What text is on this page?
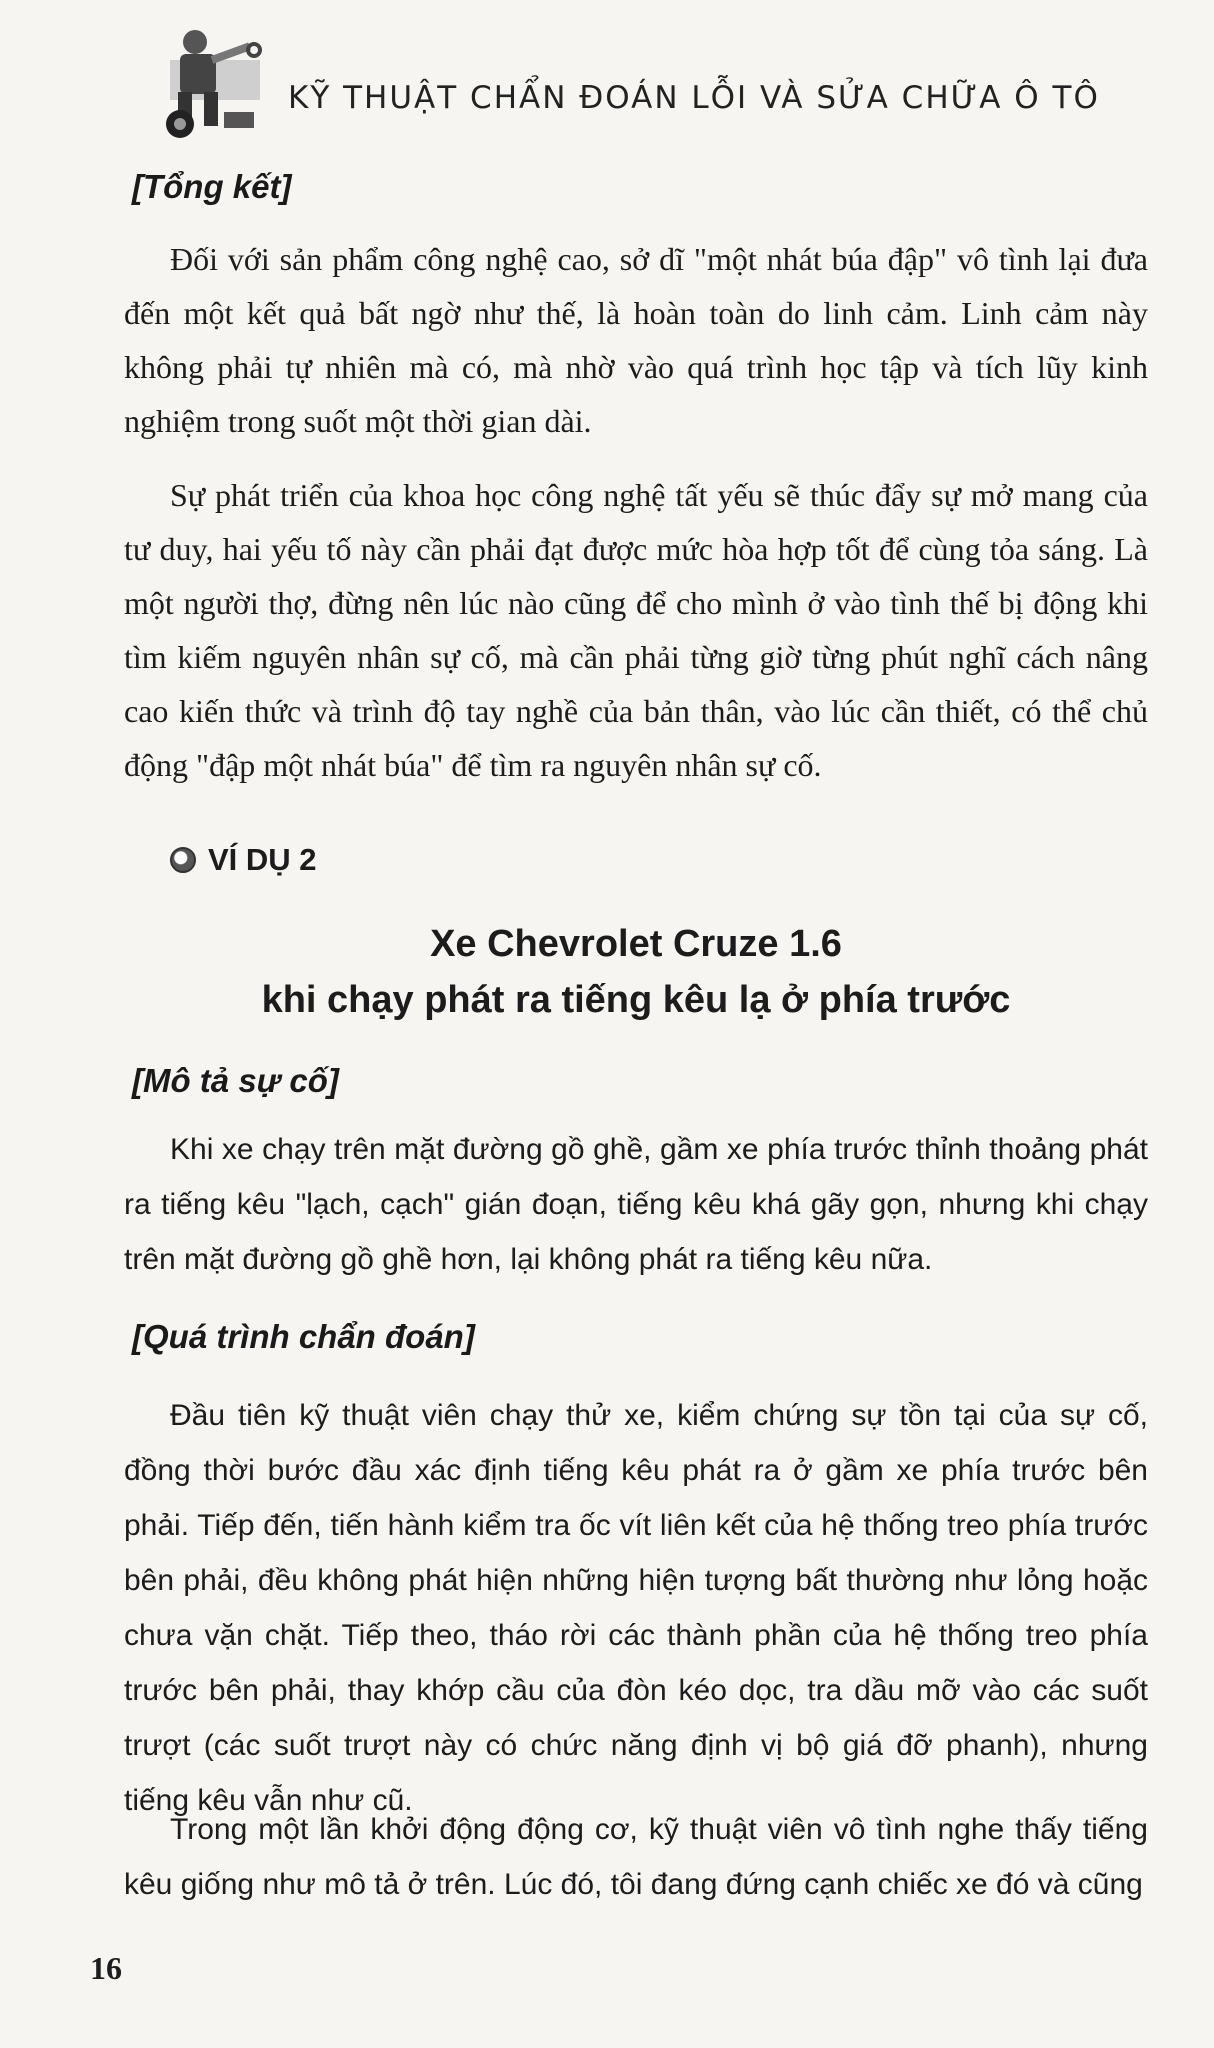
KỸ THUẬT CHẨN ĐOÁN LỖI VÀ SỬA CHỮA Ô TÔ
[Tổng kết]

Đối với sản phẩm công nghệ cao, sở dĩ "một nhát búa đập" vô tình lại đưa đến một kết quả bất ngờ như thế, là hoàn toàn do linh cảm. Linh cảm này không phải tự nhiên mà có, mà nhờ vào quá trình học tập và tích lũy kinh nghiệm trong suốt một thời gian dài.

Sự phát triển của khoa học công nghệ tất yếu sẽ thúc đẩy sự mở mang của tư duy, hai yếu tố này cần phải đạt được mức hòa hợp tốt để cùng tỏa sáng. Là một người thợ, đừng nên lúc nào cũng để cho mình ở vào tình thế bị động khi tìm kiếm nguyên nhân sự cố, mà cần phải từng giờ từng phút nghĩ cách nâng cao kiến thức và trình độ tay nghề của bản thân, vào lúc cần thiết, có thể chủ động "đập một nhát búa" để tìm ra nguyên nhân sự cố.

VÍ DỤ 2
Xe Chevrolet Cruze 1.6
khi chạy phát ra tiếng kêu lạ ở phía trước
[Mô tả sự cố]

Khi xe chạy trên mặt đường gồ ghề, gầm xe phía trước thỉnh thoảng phát ra tiếng kêu "lạch, cạch" gián đoạn, tiếng kêu khá gãy gọn, nhưng khi chạy trên mặt đường gồ ghề hơn, lại không phát ra tiếng kêu nữa.

[Quá trình chẩn đoán]

Đầu tiên kỹ thuật viên chạy thử xe, kiểm chứng sự tồn tại của sự cố, đồng thời bước đầu xác định tiếng kêu phát ra ở gầm xe phía trước bên phải. Tiếp đến, tiến hành kiểm tra ốc vít liên kết của hệ thống treo phía trước bên phải, đều không phát hiện những hiện tượng bất thường như lỏng hoặc chưa vặn chặt. Tiếp theo, tháo rời các thành phần của hệ thống treo phía trước bên phải, thay khớp cầu của đòn kéo dọc, tra dầu mỡ vào các suốt trượt (các suốt trượt này có chức năng định vị bộ giá đỡ phanh), nhưng tiếng kêu vẫn như cũ.

Trong một lần khởi động động cơ, kỹ thuật viên vô tình nghe thấy tiếng kêu giống như mô tả ở trên. Lúc đó, tôi đang đứng cạnh chiếc xe đó và cũng

16
